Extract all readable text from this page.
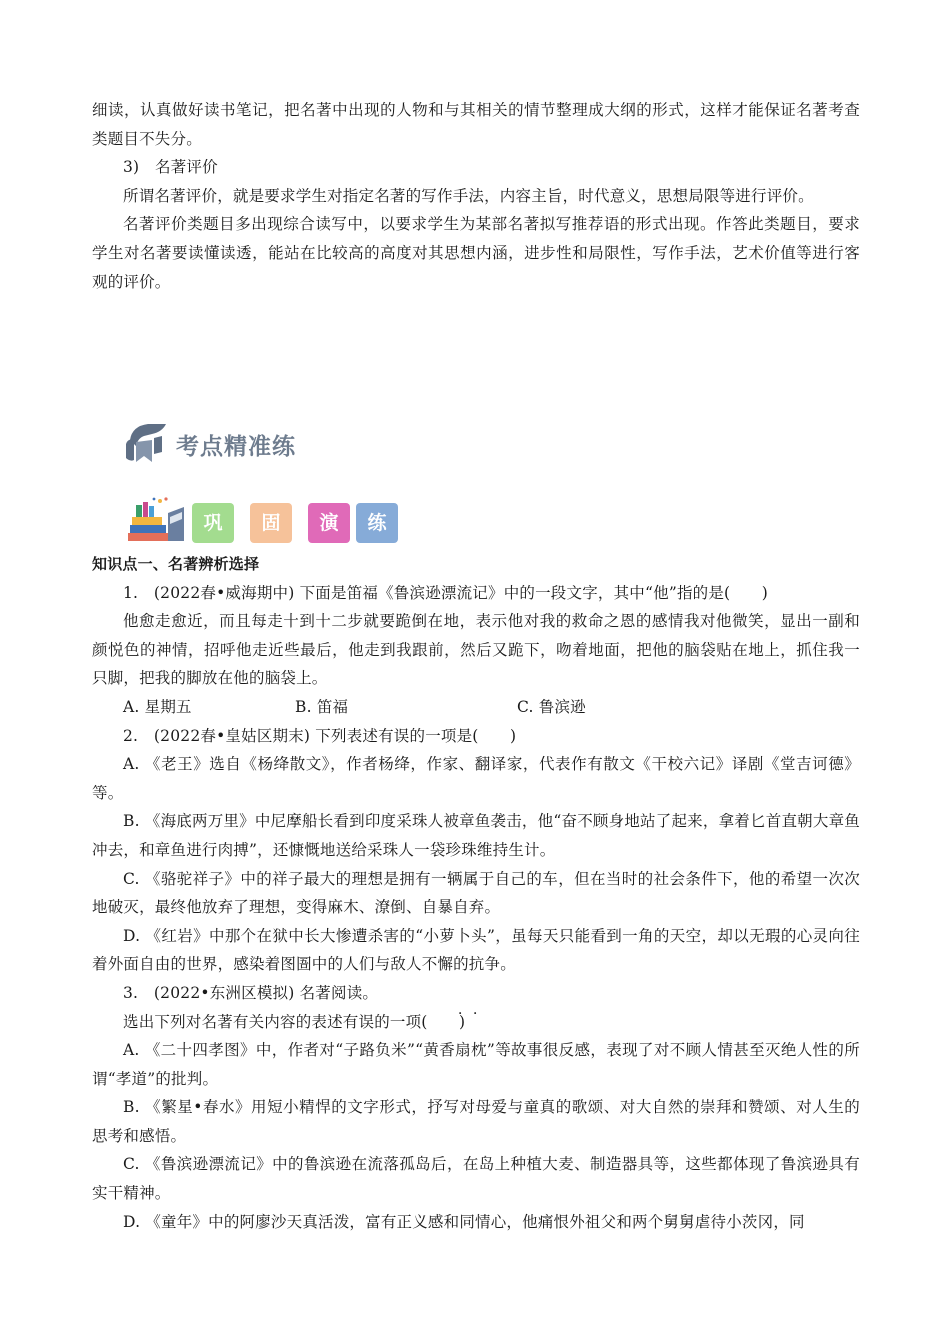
细读，认真做好读书笔记，把名著中出现的人物和与其相关的情节整理成大纲的形式，这样才能保证名著考查类题目不失分。

3)　名著评价

所谓名著评价，就是要求学生对指定名著的写作手法，内容主旨，时代意义，思想局限等进行评价。

名著评价类题目多出现综合读写中，以要求学生为某部名著拟写推荐语的形式出现。作答此类题目，要求学生对名著要读懂读透，能站在比较高的高度对其思想内涵，进步性和局限性，写作手法，艺术价值等进行客观的评价。

考点精准练
巩	固	演	练

知识点一、名著辨析选择

1.　(2022春•威海期中) 下面是笛福《鲁滨逊漂流记》中的一段文字，其中“他”指的是(　　)

他愈走愈近，而且每走十到十二步就要跪倒在地，表示他对我的救命之恩的感情我对他微笑，显出一副和颜悦色的神情，招呼他走近些最后，他走到我跟前，然后又跪下，吻着地面，把他的脑袋贴在地上，抓住我一只脚，把我的脚放在他的脑袋上。

A. 星期五	B. 笛福	C. 鲁滨逊

2.　(2022春•皇姑区期末) 下列表述有误的一项是(　　)

A. 《老王》选自《杨绛散文》，作者杨绛，作家、翻译家，代表作有散文《干校六记》译剧《堂吉诃德》等。

B. 《海底两万里》中尼摩船长看到印度采珠人被章鱼袭击，他“奋不顾身地站了起来，拿着匕首直朝大章鱼冲去，和章鱼进行肉搏”，还慷慨地送给采珠人一袋珍珠维持生计。

C. 《骆驼祥子》中的祥子最大的理想是拥有一辆属于自己的车，但在当时的社会条件下，他的希望一次次地破灭，最终他放弃了理想，变得麻木、潦倒、自暴自弃。

D. 《红岩》中那个在狱中长大惨遭杀害的“小萝卜头”，虽每天只能看到一角的天空，却以无瑕的心灵向往着外面自由的世界，感染着图圄中的人们与敌人不懈的抗争。

3.　(2022•东洲区模拟) 名著阅读。
．．

选出下列对名著有关内容的表述有误的一项(　　)

A. 《二十四孝图》中，作者对“子路负米”“黄香扇枕”等故事很反感，表现了对不顾人情甚至灭绝人性的所谓“孝道”的批判。

B. 《繁星•春水》用短小精悍的文字形式，抒写对母爱与童真的歌颂、对大自然的崇拜和赞颂、对人生的思考和感悟。

C. 《鲁滨逊漂流记》中的鲁滨逊在流落孤岛后，在岛上种植大麦、制造器具等，这些都体现了鲁滨逊具有实干精神。

D. 《童年》中的阿廖沙天真活泼，富有正义感和同情心，他痛恨外祖父和两个舅舅虐待小茨冈，同
